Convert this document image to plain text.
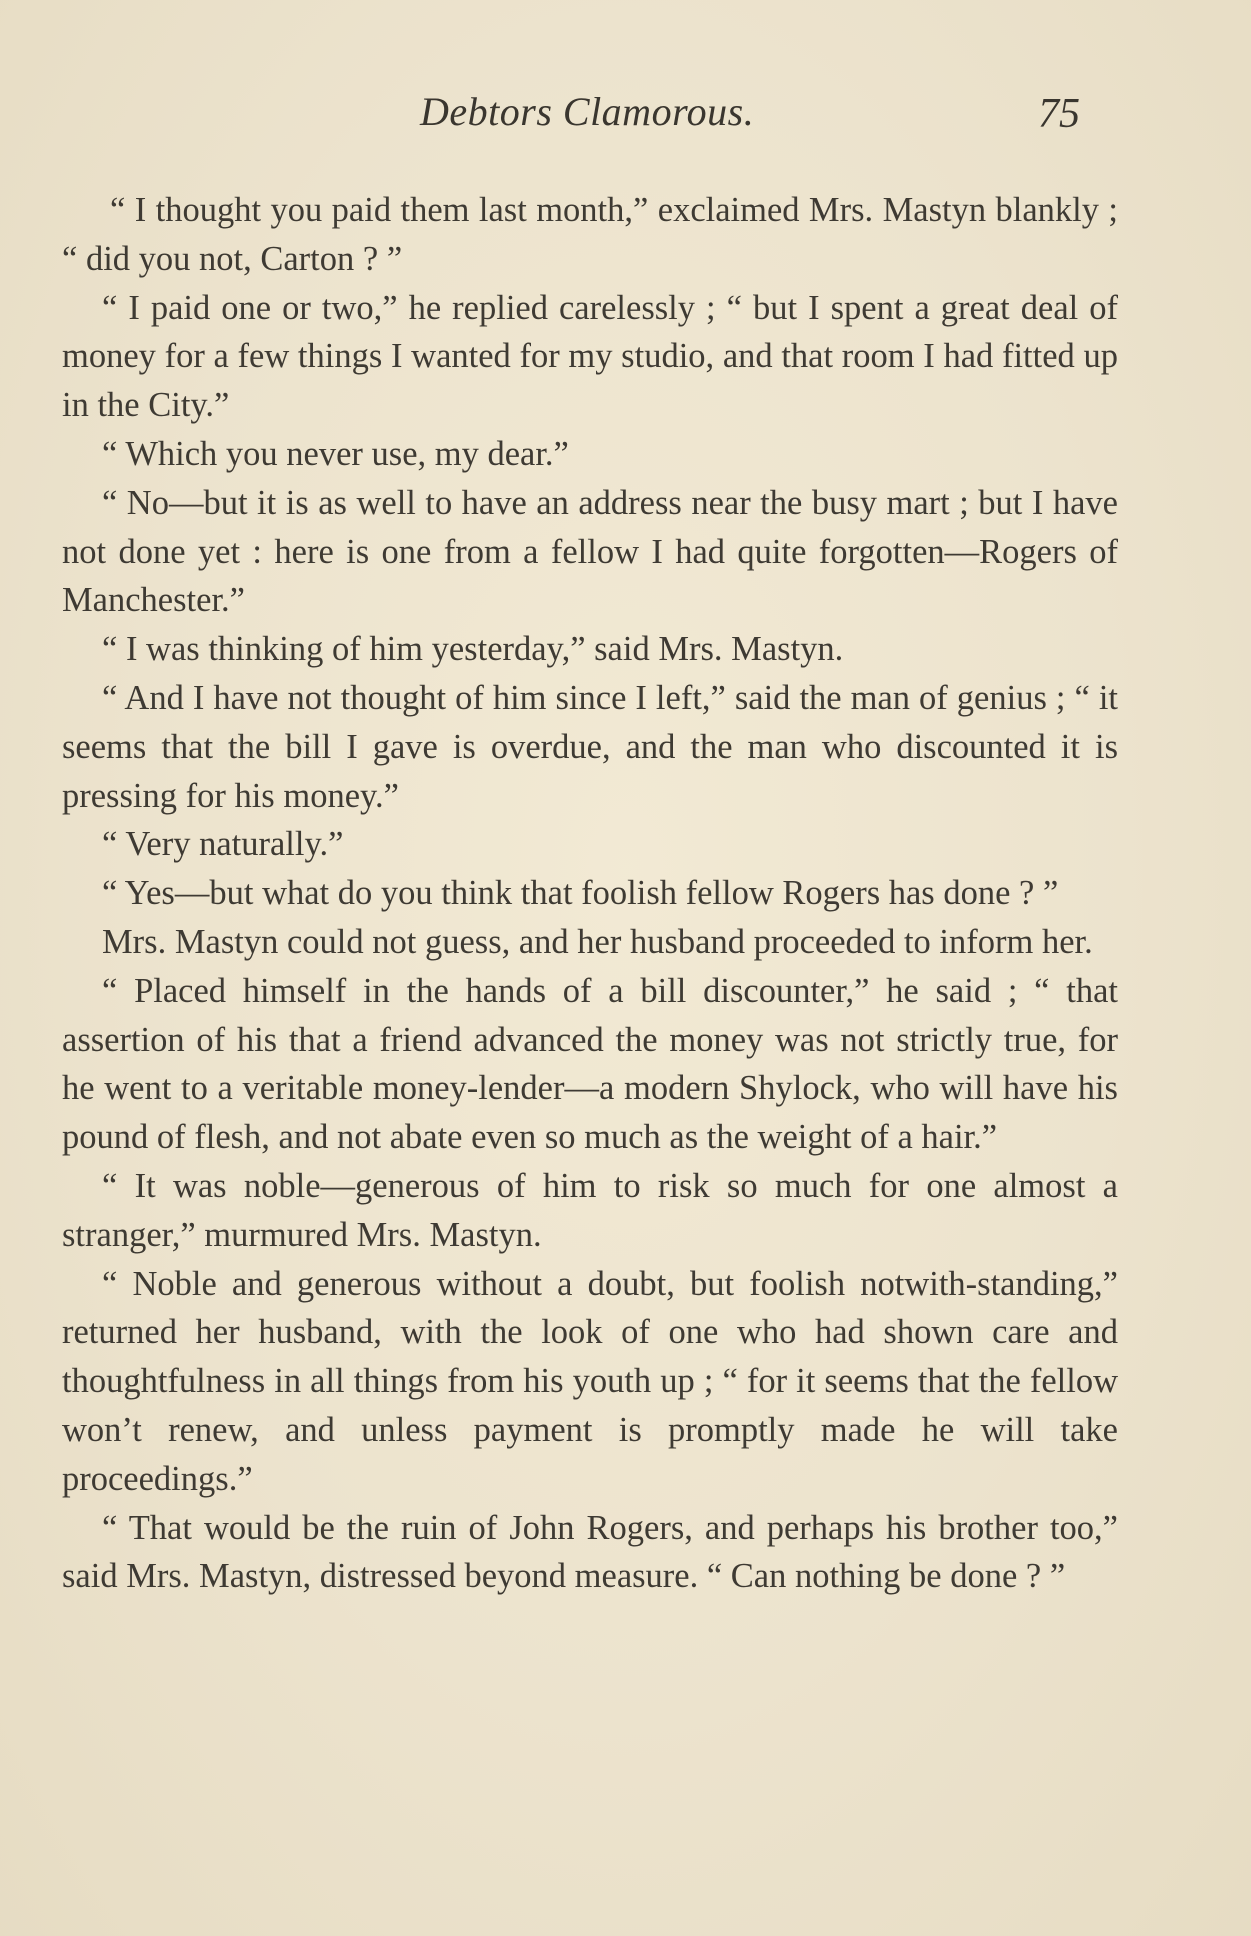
Debtors Clamorous.	75

“ I thought you paid them last month,” exclaimed Mrs. Mastyn blankly ; “ did you not, Carton ? ”

“ I paid one or two,” he replied carelessly ; “ but I spent a great deal of money for a few things I wanted for my studio, and that room I had fitted up in the City.”

“ Which you never use, my dear.”

“ No—but it is as well to have an address near the busy mart ; but I have not done yet : here is one from a fellow I had quite forgotten—Rogers of Manchester.”

“ I was thinking of him yesterday,” said Mrs. Mastyn.

“ And I have not thought of him since I left,” said the man of genius ; “ it seems that the bill I gave is overdue, and the man who discounted it is pressing for his money.”

“ Very naturally.”

“ Yes—but what do you think that foolish fellow Rogers has done ? ”

Mrs. Mastyn could not guess, and her husband proceeded to inform her.

“ Placed himself in the hands of a bill discounter,” he said ; “ that assertion of his that a friend advanced the money was not strictly true, for he went to a veritable money-lender—a modern Shylock, who will have his pound of flesh, and not abate even so much as the weight of a hair.”

“ It was noble—generous of him to risk so much for one almost a stranger,” murmured Mrs. Mastyn.

“ Noble and generous without a doubt, but foolish notwith-standing,” returned her husband, with the look of one who had shown care and thoughtfulness in all things from his youth up ; “ for it seems that the fellow won’t renew, and unless payment is promptly made he will take proceedings.”

“ That would be the ruin of John Rogers, and perhaps his brother too,” said Mrs. Mastyn, distressed beyond measure. “ Can nothing be done ? ”
